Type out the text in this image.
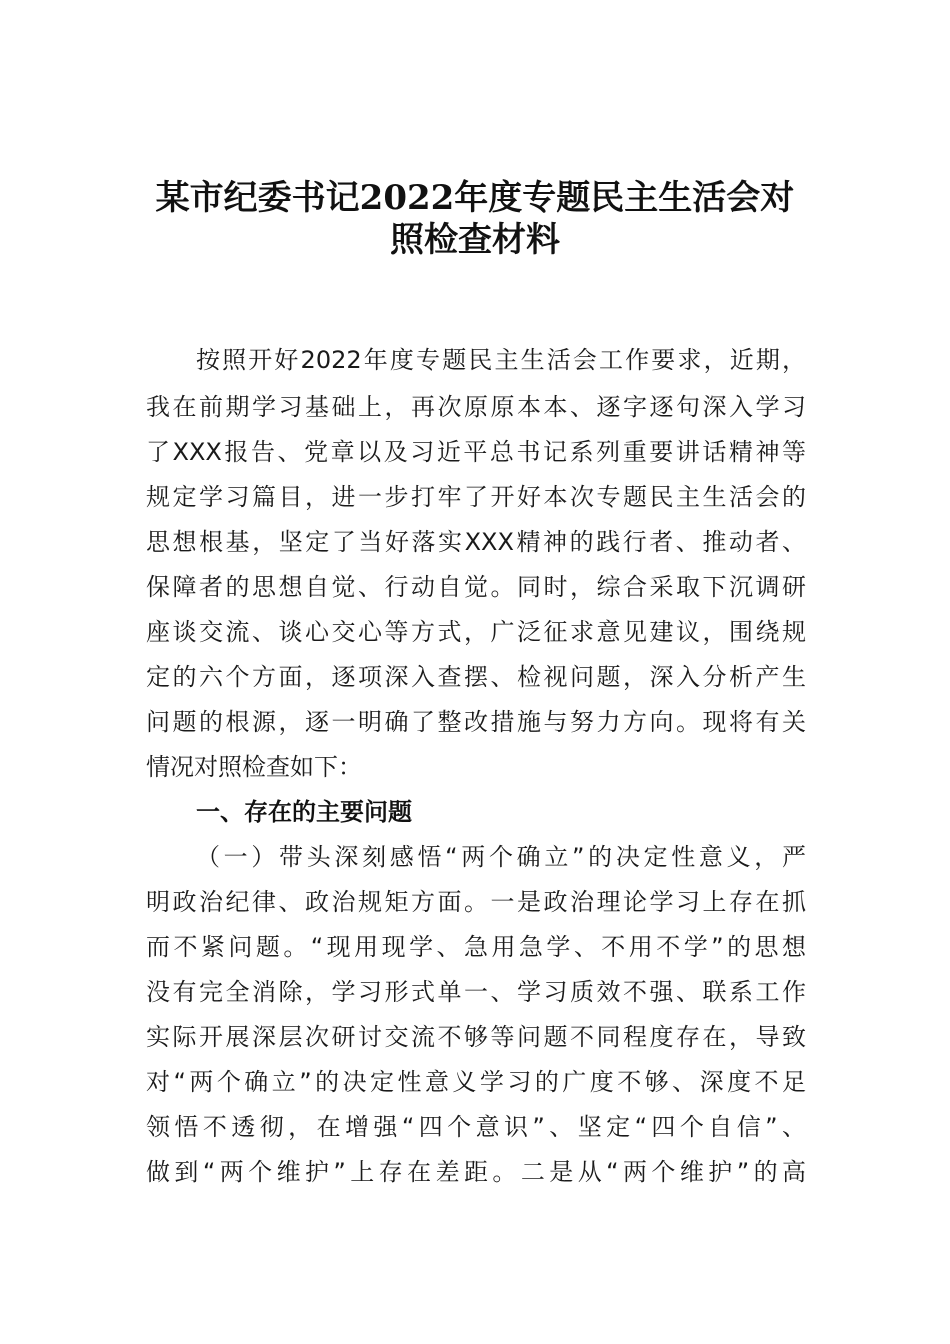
某市纪委书记2022年度专题民主生活会对
照检查材料

按照开好2022年度专题民主生活会工作要求，近期，

我在前期学习基础上，再次原原本本、逐字逐句深入学习

了XXX报告、党章以及习近平总书记系列重要讲话精神等

规定学习篇目，进一步打牢了开好本次专题民主生活会的

思想根基，坚定了当好落实XXX精神的践行者、推动者、

保障者的思想自觉、行动自觉。同时，综合采取下沉调研

座谈交流、谈心交心等方式，广泛征求意见建议，围绕规

定的六个方面，逐项深入查摆、检视问题，深入分析产生

问题的根源，逐一明确了整改措施与努力方向。现将有关

情况对照检查如下：

一、存在的主要问题

（一）带头深刻感悟“两个确立”的决定性意义，严

明政治纪律、政治规矩方面。一是政治理论学习上存在抓

而不紧问题。“现用现学、急用急学、不用不学”的思想

没有完全消除，学习形式单一、学习质效不强、联系工作

实际开展深层次研讨交流不够等问题不同程度存在，导致

对“两个确立”的决定性意义学习的广度不够、深度不足

领悟不透彻，在增强“四个意识”、坚定“四个自信”、

做到“两个维护”上存在差距。二是从“两个维护”的高
